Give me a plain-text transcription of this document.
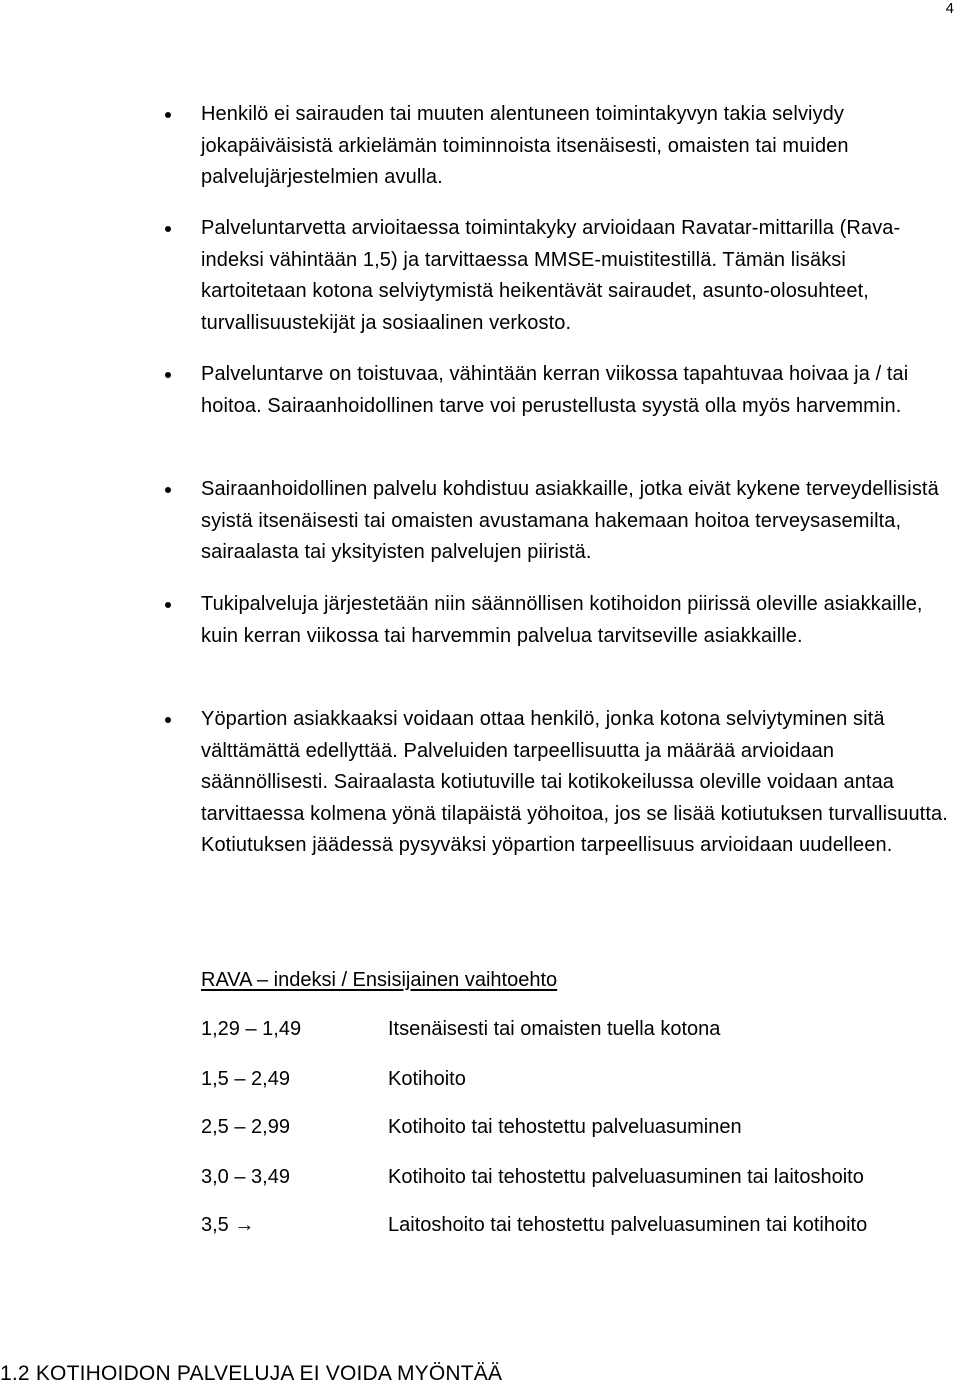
4
Henkilö ei sairauden tai muuten alentuneen toimintakyvyn takia selviydy jokapäiväisistä arkielämän toiminnoista itsenäisesti, omaisten tai muiden palvelujärjestelmien avulla.
Palveluntarvetta arvioitaessa toimintakyky arvioidaan Ravatar-mittarilla (Rava-indeksi vähintään 1,5) ja tarvittaessa MMSE-muistitestillä. Tämän lisäksi kartoitetaan kotona selviytymistä heikentävät sairaudet, asunto-olosuhteet, turvallisuustekijät ja sosiaalinen verkosto.
Palveluntarve on toistuvaa, vähintään kerran viikossa tapahtuvaa hoivaa ja / tai hoitoa. Sairaanhoidollinen tarve voi perustellusta syystä olla myös harvemmin.
Sairaanhoidollinen palvelu kohdistuu asiakkaille, jotka eivät kykene terveydellisistä syistä itsenäisesti tai omaisten avustamana hakemaan hoitoa terveysasemilta, sairaalasta tai yksityisten palvelujen piiristä.
Tukipalveluja järjestetään niin säännöllisen kotihoidon piirissä oleville asiakkaille, kuin kerran viikossa tai harvemmin palvelua tarvitseville asiakkaille.
Yöpartion asiakkaaksi voidaan ottaa henkilö, jonka kotona selviytyminen sitä välttämättä edellyttää. Palveluiden tarpeellisuutta ja määrää arvioidaan säännöllisesti. Sairaalasta kotiutuville tai kotikokeilussa oleville voidaan antaa tarvittaessa kolmena yönä tilapäistä yöhoitoa, jos se lisää kotiutuksen turvallisuutta. Kotiutuksen jäädessä pysyväksi yöpartion tarpeellisuus arvioidaan uudelleen.
RAVA – indeksi / Ensisijainen vaihtoehto
1,29 – 1,49	Itsenäisesti tai omaisten tuella kotona
1,5 – 2,49	Kotihoito
2,5 – 2,99	Kotihoito tai tehostettu palveluasuminen
3,0 – 3,49	Kotihoito tai tehostettu palveluasuminen tai laitoshoito
3,5 →	Laitoshoito tai tehostettu palveluasuminen tai kotihoito
1.2 KOTIHOIDON PALVELUJA EI VOIDA MYÖNTÄÄ
